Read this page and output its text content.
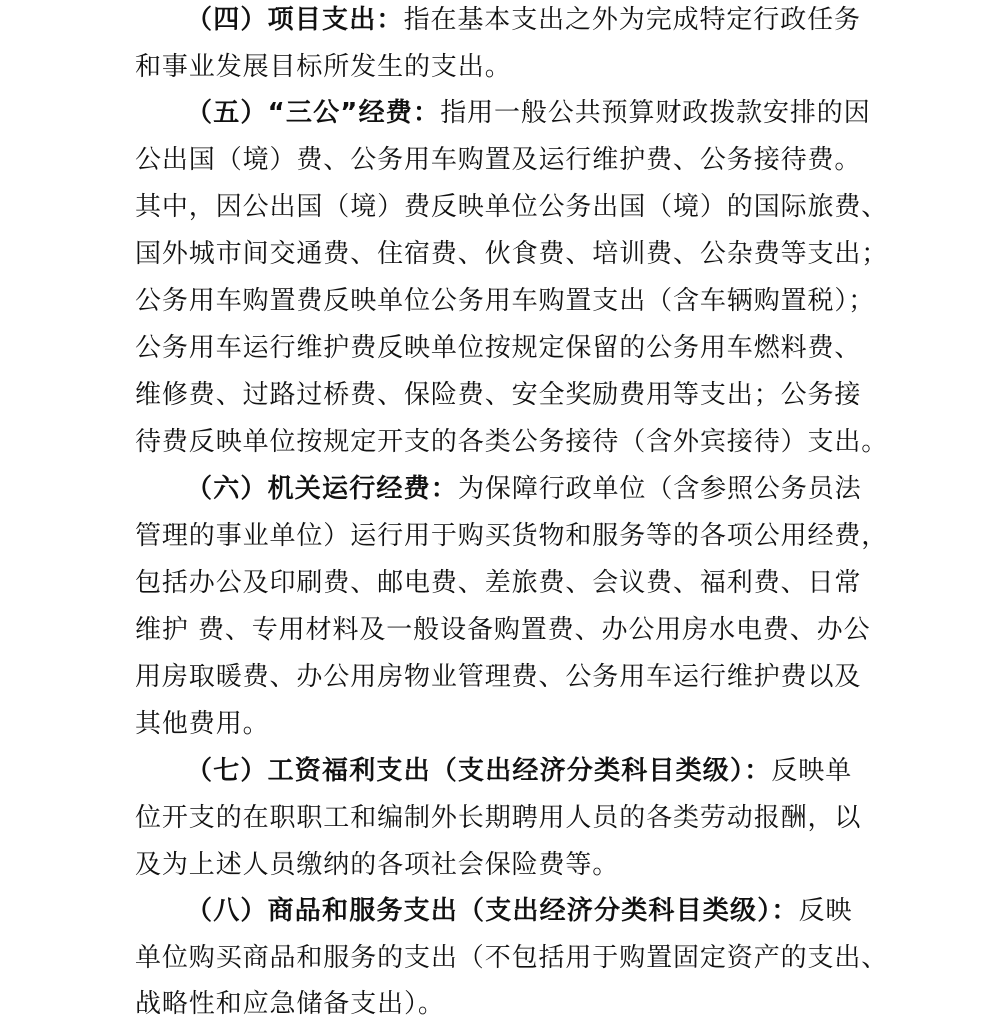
（四）项目支出：指在基本支出之外为完成特定行政任务
和事业发展目标所发生的支出。
（五）“三公”经费：指用一般公共预算财政拨款安排的因
公出国（境）费、公务用车购置及运行维护费、公务接待费。
其中，因公出国（境）费反映单位公务出国（境）的国际旅费、
国外城市间交通费、住宿费、伙食费、培训费、公杂费等支出；
公务用车购置费反映单位公务用车购置支出（含车辆购置税）；
公务用车运行维护费反映单位按规定保留的公务用车燃料费、
维修费、过路过桥费、保险费、安全奖励费用等支出；公务接
待费反映单位按规定开支的各类公务接待（含外宾接待）支出。
（六）机关运行经费：为保障行政单位（含参照公务员法
管理的事业单位）运行用于购买货物和服务等的各项公用经费，
包括办公及印刷费、邮电费、差旅费、会议费、福利费、日常
维护 费、专用材料及一般设备购置费、办公用房水电费、办公
用房取暖费、办公用房物业管理费、公务用车运行维护费以及
其他费用。
（七）工资福利支出（支出经济分类科目类级）：反映单
位开支的在职职工和编制外长期聘用人员的各类劳动报酬，以
及为上述人员缴纳的各项社会保险费等。
（八）商品和服务支出（支出经济分类科目类级）：反映
单位购买商品和服务的支出（不包括用于购置固定资产的支出、
战略性和应急储备支出）。
